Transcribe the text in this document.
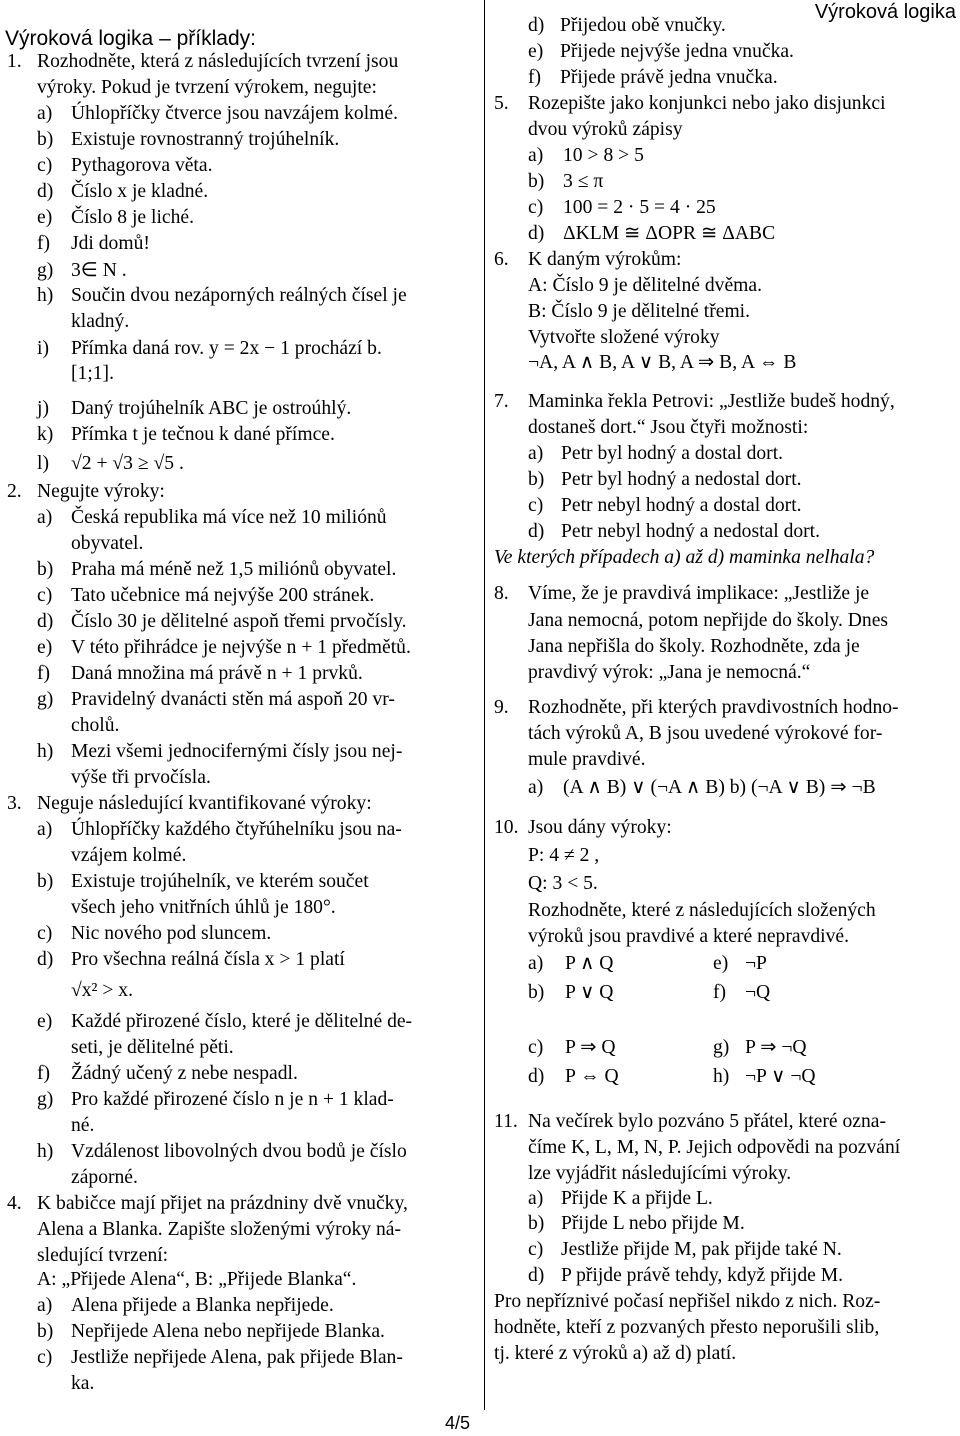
Výroková logika – příklady:
Výroková logika
1. Rozhodněte, která z následujících tvrzení jsou
výroky. Pokud je tvrzení výrokem, negujte:
a) Úhlopříčky čtverce jsou navzájem kolmé.
b) Existuje rovnostranný trojúhelník.
c) Pythagorova věta.
d) Číslo x je kladné.
e) Číslo 8 je liché.
f) Jdi domů!
g) 3∈ N .
h) Součin dvou nezáporných reálných čísel je
kladný.
i) Přímka daná rov. y = 2x − 1 prochází b.
[1;1].
j) Daný trojúhelník ABC je ostroúhlý.
k) Přímka t je tečnou k dané přímce.
l) √2 + √3 ≥ √5 .
2. Negujte výroky:
a) Česká republika má více než 10 miliónů
obyvatel.
b) Praha má méně než 1,5 miliónů obyvatel.
c) Tato učebnice má nejvýše 200 stránek.
d) Číslo 30 je dělitelné aspoň třemi prvočísly.
e) V této přihrádce je nejvýše n + 1 předmětů.
f) Daná množina má právě n + 1 prvků.
g) Pravidelný dvanácti stěn má aspoň 20 vr-
cholů.
h) Mezi všemi jednocifernými čísly jsou nej-
výše tři prvočísla.
3. Neguje následující kvantifikované výroky:
a) Úhlopříčky každého čtyřúhelníku jsou na-
vzájem kolmé.
b) Existuje trojúhelník, ve kterém součet
všech jeho vnitřních úhlů je 180°.
c) Nic nového pod sluncem.
d) Pro všechna reálná čísla x > 1 platí
√x² > x.
e) Každé přirozené číslo, které je dělitelné de-
seti, je dělitelné pěti.
f) Žádný učený z nebe nespadl.
g) Pro každé přirozené číslo n je n + 1 klad-
né.
h) Vzdálenost libovolných dvou bodů je číslo
záporné.
4. K babičce mají přijet na prázdniny dvě vnučky,
Alena a Blanka. Zapište složenými výroky ná-
sledující tvrzení:
A: „Přijede Alena“, B: „Přijede Blanka“.
a) Alena přijede a Blanka nepřijede.
b) Nepřijede Alena nebo nepřijede Blanka.
c) Jestliže nepřijede Alena, pak přijede Blan-
ka.
d) Přijedou obě vnučky.
e) Přijede nejvýše jedna vnučka.
f) Přijede právě jedna vnučka.
5. Rozepište jako konjunkci nebo jako disjunkci
dvou výroků zápisy
a) 10 > 8 > 5
b) 3 ≤ π
c) 100 = 2 · 5 = 4 · 25
d) ΔKLM ≅ ΔOPR ≅ ΔABC
6. K daným výrokům:
A: Číslo 9 je dělitelné dvěma.
B: Číslo 9 je dělitelné třemi.
Vytvořte složené výroky
¬A, A ∧ B, A ∨ B, A ⇒ B, A ⇔ B
7. Maminka řekla Petrovi: „Jestliže budeš hodný,
dostaneš dort.“ Jsou čtyři možnosti:
a) Petr byl hodný a dostal dort.
b) Petr byl hodný a nedostal dort.
c) Petr nebyl hodný a dostal dort.
d) Petr nebyl hodný a nedostal dort.
Ve kterých případech a) až d) maminka nelhala?
8. Víme, že je pravdivá implikace: „Jestliže je
Jana nemocná, potom nepřijde do školy. Dnes
Jana nepřišla do školy. Rozhodněte, zda je
pravdivý výrok: „Jana je nemocná.“
9. Rozhodněte, při kterých pravdivostních hodno-
tách výroků A, B jsou uvedené výrokové for-
mule pravdivé.
a) (A ∧ B) ∨ (¬A ∧ B) b) (¬A ∨ B) ⇒ ¬B
10. Jsou dány výroky:
P: 4 ≠ 2 ,
Q: 3 < 5.
Rozhodněte, které z následujících složených
výroků jsou pravdivé a které nepravdivé.
a) P ∧ Q	e) ¬P
b) P ∨ Q	f) ¬Q
c) P ⇒ Q	g) P ⇒ ¬Q
d) P ⇔ Q	h) ¬P ∨ ¬Q
11. Na večírek bylo pozváno 5 přátel, které ozna-
číme K, L, M, N, P. Jejich odpovědi na pozvání
lze vyjádřit následujícími výroky.
a) Přijde K a přijde L.
b) Přijde L nebo přijde M.
c) Jestliže přijde M, pak přijde také N.
d) P přijde právě tehdy, když přijde M.
Pro nepříznivé počasí nepřišel nikdo z nich. Roz-
hodněte, kteří z pozvaných přesto neporušili slib,
tj. které z výroků a) až d) platí.
4/5
